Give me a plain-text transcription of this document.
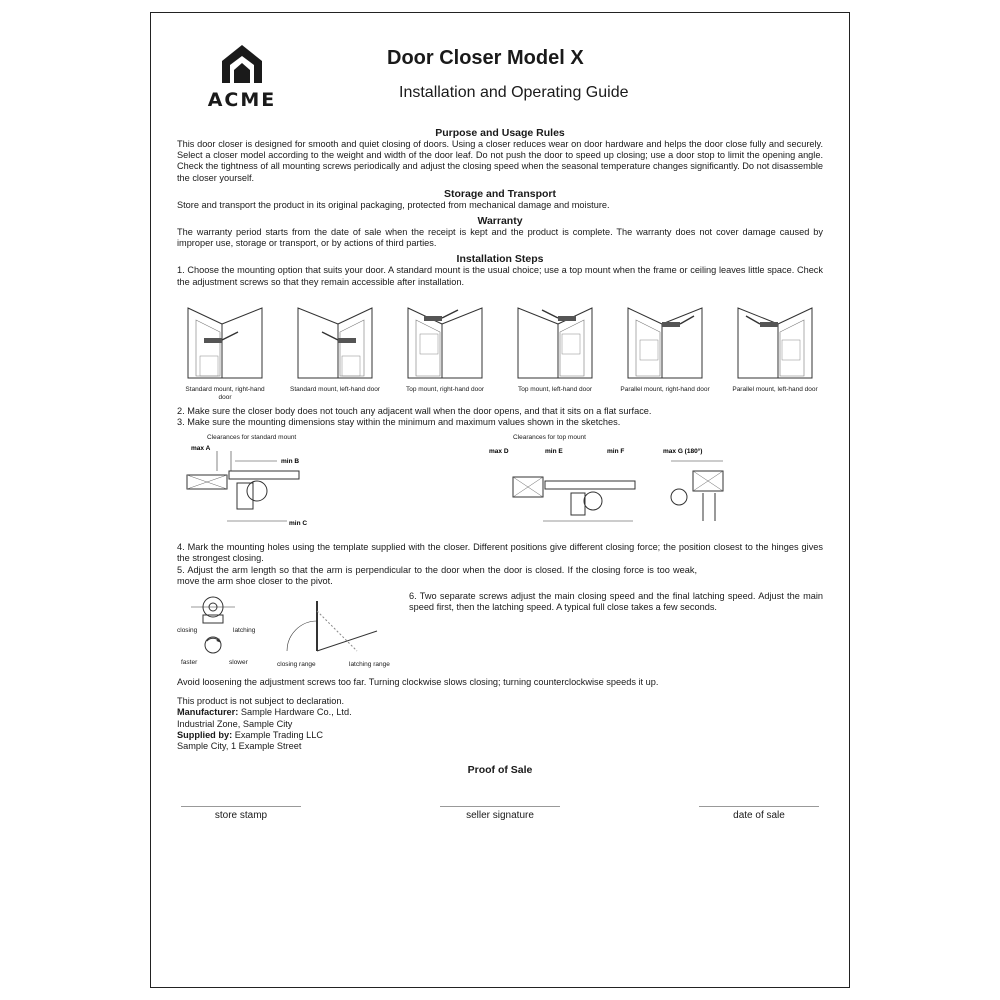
ACME
Door Closer Model X
Installation and Operating Guide
Purpose and Usage Rules

This door closer is designed for smooth and quiet closing of doors. Using a closer reduces wear on door hardware and helps the door close fully and securely. Select a closer model according to the weight and width of the door leaf. Do not push the door to speed up closing; use a door stop to limit the opening angle. Check the tightness of all mounting screws periodically and adjust the closing speed when the seasonal temperature changes significantly. Do not disassemble the closer yourself.

Storage and Transport

Store and transport the product in its original packaging, protected from mechanical damage and moisture.

Warranty

The warranty period starts from the date of sale when the receipt is kept and the product is complete. The warranty does not cover damage caused by improper use, storage or transport, or by actions of third parties.

Installation Steps

1. Choose the mounting option that suits your door. A standard mount is the usual choice; use a top mount when the frame or ceiling leaves little space. Check the adjustment screws so that they remain accessible after installation.

Standard mount, right-hand door
Standard mount, left-hand door	Top mount, right-hand door	Top mount, left-hand door	Parallel mount, right-hand door	Parallel mount, left-hand door

2. Make sure the closer body does not touch any adjacent wall when the door opens, and that it sits on a flat surface.

3. Make sure the mounting dimensions stay within the minimum and maximum values shown in the sketches.

Clearances for standard mount
max A
min B
min C
Clearances for top mount
max D	min E	min F	max G (180°)

4. Mark the mounting holes using the template supplied with the closer. Different positions give different closing force; the position closest to the hinges gives the strongest closing.

5. Adjust the arm length so that the arm is perpendicular to the door when the door is closed. If the closing force is too weak, move the arm shoe closer to the pivot.

closing	latching
faster	slower	closing range	latching range

6. Two separate screws adjust the main closing speed and the final latching speed. Adjust the main speed first, then the latching speed. A typical full close takes a few seconds.

Avoid loosening the adjustment screws too far. Turning clockwise slows closing; turning counterclockwise speeds it up.

This product is not subject to declaration.

Manufacturer: Sample Hardware Co., Ltd.

Industrial Zone, Sample City

Supplied by: Example Trading LLC

Sample City, 1 Example Street

Proof of Sale
store stamp	seller signature	date of sale
